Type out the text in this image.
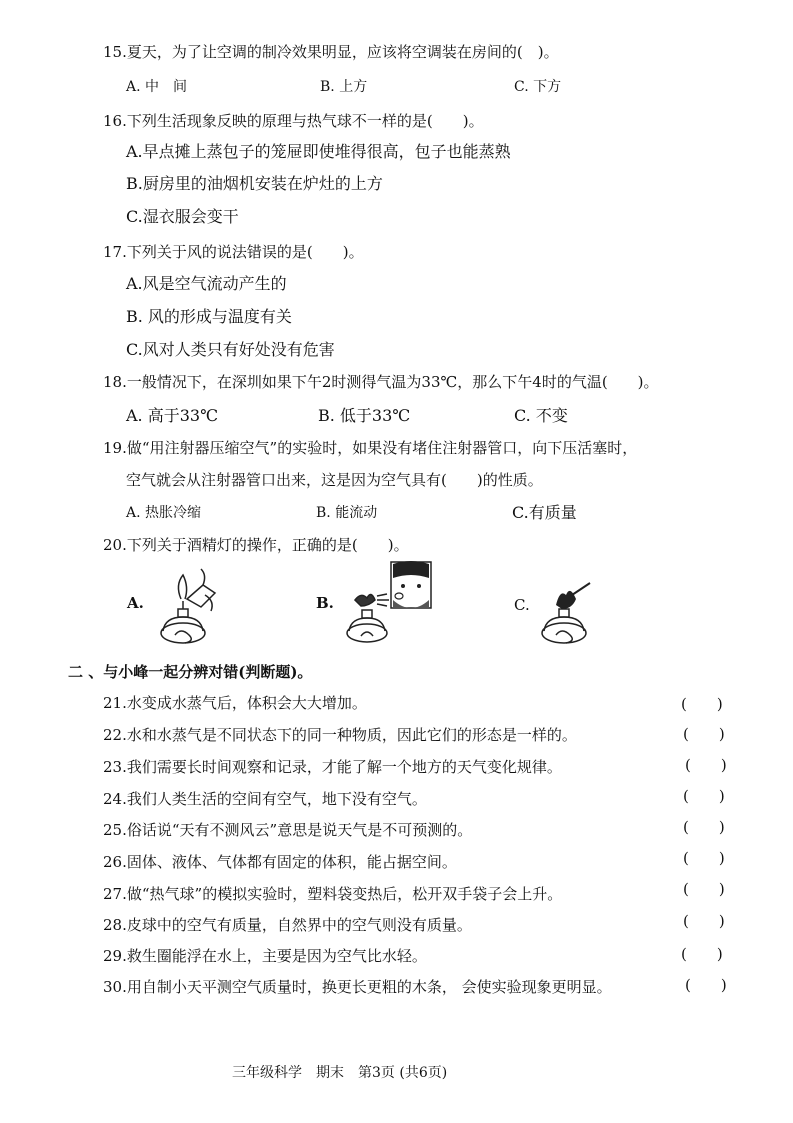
15.夏天，为了让空调的制冷效果明显，应该将空调装在房间的(　)。
A. 中　间	B. 上方	C. 下方
16.下列生活现象反映的原理与热气球不一样的是(　　)。
A.早点摊上蒸包子的笼屉即使堆得很高，包子也能蒸熟
B.厨房里的油烟机安装在炉灶的上方
C.湿衣服会变干
17.下列关于风的说法错误的是(　　)。
A.风是空气流动产生的
B. 风的形成与温度有关
C.风对人类只有好处没有危害
18.一般情况下，在深圳如果下午2时测得气温为33℃，那么下午4时的气温(　　)。
A. 高于33℃	B. 低于33℃	C. 不变
19.做“用注射器压缩空气”的实验时，如果没有堵住注射器管口，向下压活塞时，
空气就会从注射器管口出来，这是因为空气具有(　　)的性质。
A. 热胀冷缩	B. 能流动	C.有质量
20.下列关于酒精灯的操作，正确的是(　　)。
A.	B.	C.
二 、与小峰一起分辨对错(判断题)。
21.水变成水蒸气后，体积会大大增加。	(　　)
22.水和水蒸气是不同状态下的同一种物质，因此它们的形态是一样的。	(　　)
23.我们需要长时间观察和记录，才能了解一个地方的天气变化规律。	(　　)
24.我们人类生活的空间有空气，地下没有空气。	(　　)
25.俗话说“天有不测风云”意思是说天气是不可预测的。	(　　)
26.固体、液体、气体都有固定的体积，能占据空间。	(　　)
27.做“热气球”的模拟实验时，塑料袋变热后，松开双手袋子会上升。	(　　)
28.皮球中的空气有质量，自然界中的空气则没有质量。	(　　)
29.救生圈能浮在水上，主要是因为空气比水轻。	(　　)
30.用自制小天平测空气质量时，换更长更粗的木条， 会使实验现象更明显。	(　　)
三年级科学　期末　第3页 (共6页)
